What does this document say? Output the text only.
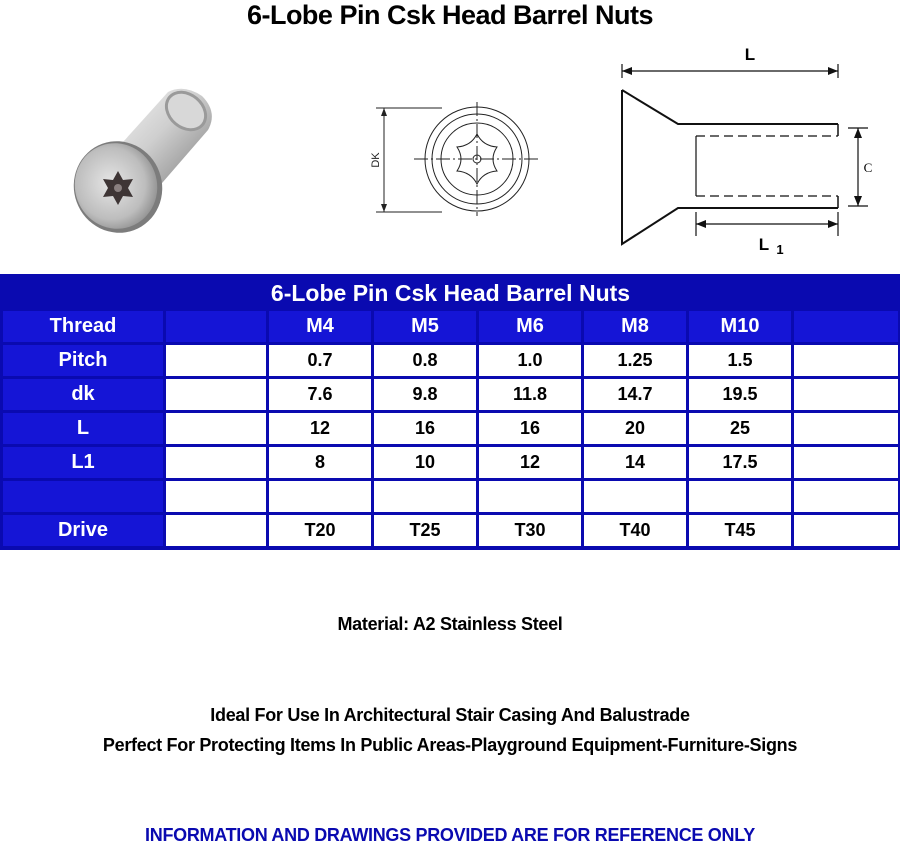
6-Lobe Pin Csk Head Barrel Nuts
DK
L
L 1
C
6-Lobe Pin Csk Head Barrel Nuts
Thread	M4	M5	M6	M8	M10
Pitch	0.7	0.8	1.0	1.25	1.5
dk	7.6	9.8	11.8	14.7	19.5
L	12	16	16	20	25
L1	8	10	12	14	17.5
Drive	T20	T25	T30	T40	T45
Material: A2 Stainless Steel
Ideal For Use In Architectural Stair Casing And Balustrade
Perfect For Protecting Items In Public Areas-Playground Equipment-Furniture-Signs
INFORMATION AND DRAWINGS PROVIDED ARE FOR REFERENCE ONLY
